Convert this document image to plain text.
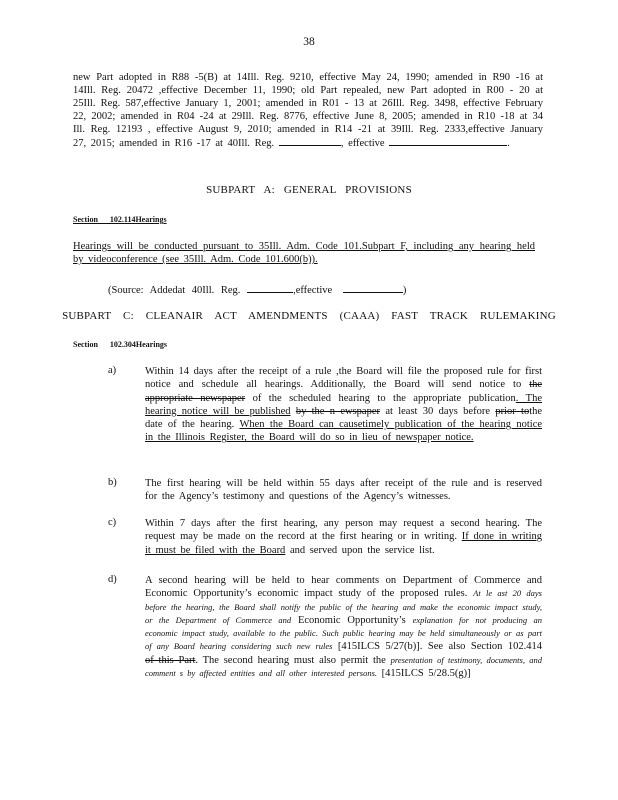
38
new Part adopted in R88 -5(B) at 14Ill. Reg. 9210, effective May 24, 1990; amended in R90 -16 at 14Ill. Reg. 20472 ,effective December 11, 1990; old Part repealed, new Part adopted in R00 - 20 at 25Ill. Reg. 587,effective January 1, 2001; amended in R01 - 13 at 26Ill. Reg. 3498, effective February 22, 2002; amended in R04 -24 at 29Ill. Reg. 8776, effective June 8, 2005; amended in R10 -18 at 34 Ill. Reg. 12193 , effective August 9, 2010; amended in R14 -21 at 39Ill. Reg. 2333,effective January 27, 2015; amended in R16 -17 at 40Ill. Reg.	, effective	.
SUBPART A: GENERAL PROVISIONS
Section 102.114Hearings
Hearings will be conducted pursuant to 35Ill. Adm. Code 101.Subpart F, including any hearing held by videoconference (see 35Ill. Adm. Code 101.600(b)).
(Source: Addedat 40Ill. Reg.	,effective	)
SUBPART C: CLEANAIR ACT AMENDMENTS (CAAA) FAST TRACK RULEMAKING
Section 102.304Hearings
a)	Within 14 days after the receipt of a rule ,the Board will file the proposed rule for first notice and schedule all hearings. Additionally, the Board will send notice to the appropriate newspaper of the scheduled hearing to the appropriate publication. The hearing notice will be published by the n ewspaper at least 30 days before prior tothe date of the hearing. When the Board can causetimely publication of the hearing notice in the Illinois Register, the Board will do so in lieu of newspaper notice.
b)	The first hearing will be held within 55 days after receipt of the rule and is reserved for the Agency’s testimony and questions of the Agency’s witnesses.
c)	Within 7 days after the first hearing, any person may request a second hearing. The request may be made on the record at the first hearing or in writing. If done in writing it must be filed with the Board and served upon the service list.
d)	A second hearing will be held to hear comments on Department of Commerce and Economic Opportunity’s economic impact study of the proposed rules. At le ast 20 days before the hearing, the Board shall notify the public of the hearing and make the economic impact study, or the Department of Commerce and Economic Opportunity’s explanation for not producing an economic impact study, available to the public. Such public hearing may be held simultaneously or as part of any Board hearing considering such new rules [415ILCS 5/27(b)]. See also Section 102.414 of this Part. The second hearing must also permit the presentation of testimony, documents, and comment s by affected entities and all other interested persons. [415ILCS 5/28.5(g)]
